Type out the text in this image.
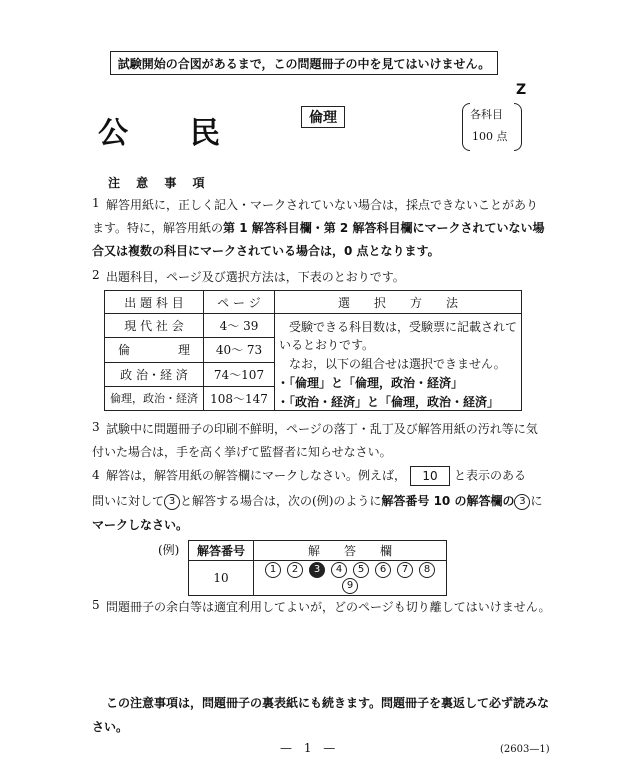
試験開始の合図があるまで，この問題冊子の中を見てはいけません。
Z
公民	倫理	各科目
100 点
注 意 事 項
1 解答用紙に，正しく記入・マークされていない場合は，採点できないことがあり
ます。特に，解答用紙の第 1 解答科目欄・第 2 解答科目欄にマークされていない場
合又は複数の科目にマークされている場合は，0 点となります。
2 出題科目，ページ及び選択方法は，下表のとおりです。
出 題 科 目	ペ ー ジ	選　　択　　方　　法
現 代 社 会	4〜 39	受験できる科目数は，受験票に記載されて
いるとおりです。
なお，以下の組合せは選択できません。
・「倫理」と「倫理，政治・経済」
・「政治・経済」と「倫理，政治・経済」

倫　　　　理	40〜 73	
政 治・経 済	74〜107	
倫理，政治・経済	108〜147	
3 試験中に問題冊子の印刷不鮮明，ページの落丁・乱丁及び解答用紙の汚れ等に気
付いた場合は，手を高く挙げて監督者に知らせなさい。
4 解答は，解答用紙の解答欄にマークしなさい。例えば， 10 と表示のある
問いに対して 3 と解答する場合は，次の(例)のように解答番号 10 の解答欄の 3 に
マークしなさい。
(例) 解答番号	解　　答　　欄
10	1 2 3 4 5 6 7 89
5 問題冊子の余白等は適宜利用してよいが，どのページも切り離してはいけません。
この注意事項は，問題冊子の裏表紙にも続きます。問題冊子を裏返して必ず読みな
さい。
— 1 —	(2603—1)
